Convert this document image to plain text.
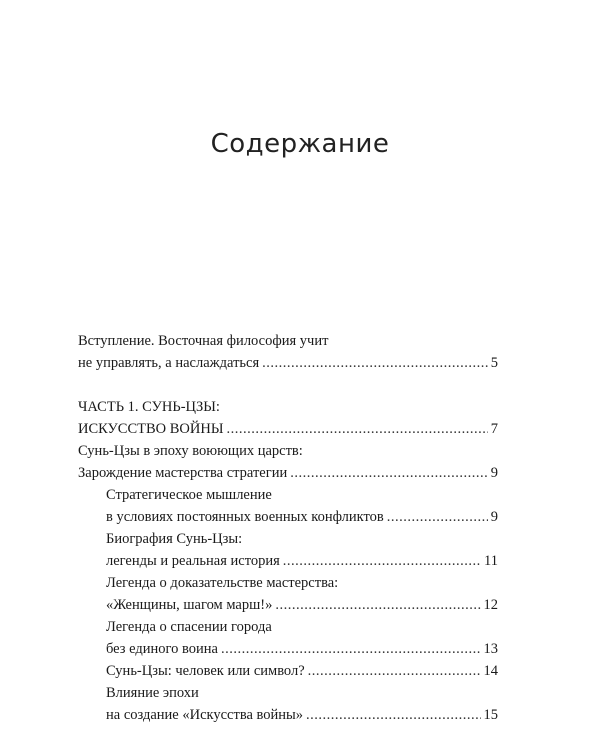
Содержание
Вступление. Восточная философия учит
не управлять, а наслаждаться .....	5
ЧАСТЬ 1. СУНЬ-ЦЗЫ:
ИСКУССТВО ВОЙНЫ .....	7
Сунь-Цзы в эпоху воюющих царств:
Зарождение мастерства стратегии .....	9
Стратегическое мышление
в условиях постоянных военных конфликтов .....	9
Биография Сунь-Цзы:
легенды и реальная история .....	11
Легенда о доказательстве мастерства:
«Женщины, шагом марш!» .....	12
Легенда о спасении города
без единого воина .....	13
Сунь-Цзы: человек или символ? .....	14
Влияние эпохи
на создание «Искусства войны» .....	15
